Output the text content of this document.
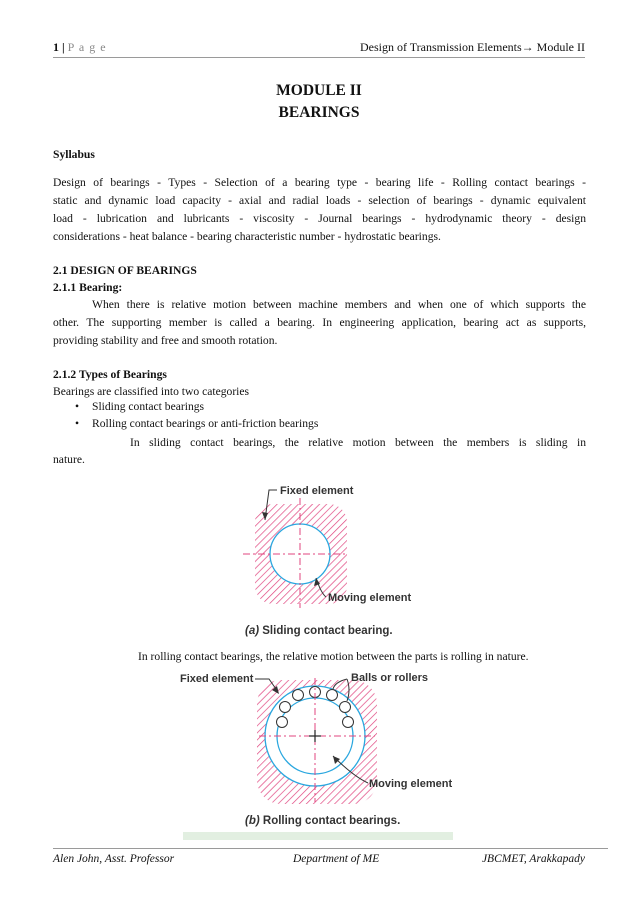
1 | P a g e	Design of Transmission Elements→ Module II
MODULE II
BEARINGS
Syllabus
Design of bearings - Types - Selection of a bearing type - bearing life - Rolling contact bearings -
static and dynamic load capacity - axial and radial loads - selection of bearings - dynamic equivalent
load - lubrication and lubricants - viscosity - Journal bearings - hydrodynamic theory - design
considerations - heat balance - bearing characteristic number - hydrostatic bearings.
2.1 DESIGN OF BEARINGS
2.1.1 Bearing:
When there is relative motion between machine members and when one of which supports the
other. The supporting member is called a bearing. In engineering application, bearing act as supports,
providing stability and free and smooth rotation.
2.1.2 Types of Bearings
Bearings are classified into two categories
• Sliding contact bearings
• Rolling contact bearings or anti-friction bearings
In sliding contact bearings, the relative motion between the members is sliding in
nature.
Fixed element
Moving element
(a) Sliding contact bearing.
In rolling contact bearings, the relative motion between the parts is rolling in nature.
Fixed element	Balls or rollers
Moving element
(b) Rolling contact bearings.
Alen John, Asst. Professor	Department of ME	JBCMET, Arakkapady
